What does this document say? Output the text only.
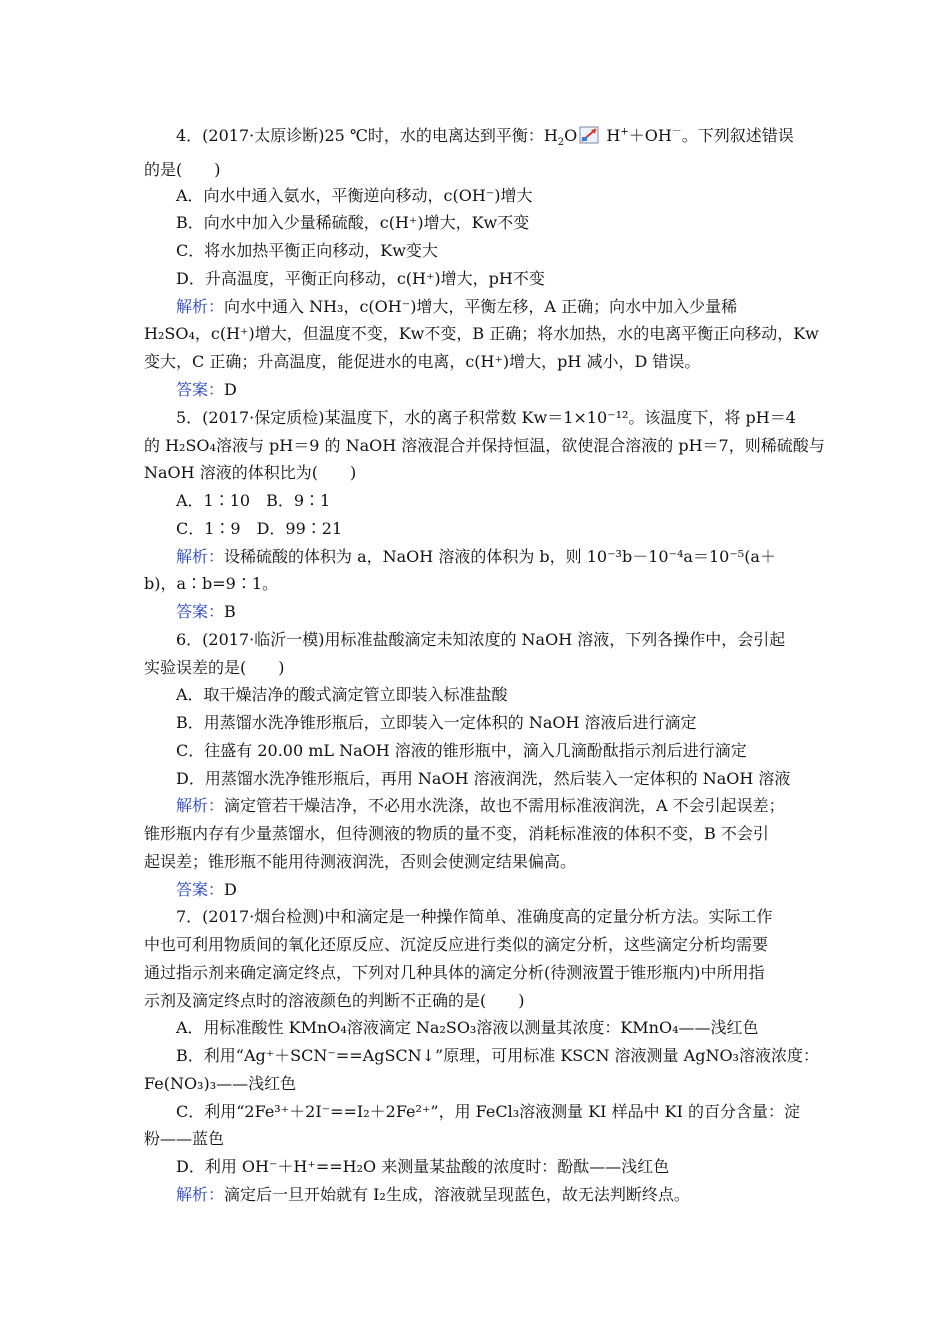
4．(2017·太原诊断)25 ℃时，水的电离达到平衡：$H_2O$ H+＋OH－。下列叙述错误
的是(　　)
A．向水中通入氨水，平衡逆向移动，c(OH⁻)增大
B．向水中加入少量稀硫酸，c(H⁺)增大，Kw不变
C．将水加热平衡正向移动，Kw变大
D．升高温度，平衡正向移动，c(H⁺)增大，pH不变
解析：向水中通入 NH₃，c(OH⁻)增大，平衡左移，A 正确；向水中加入少量稀
H₂SO₄，c(H⁺)增大，但温度不变，Kw不变，B 正确；将水加热，水的电离平衡正向移动，Kw
变大，C 正确；升高温度，能促进水的电离，c(H⁺)增大，pH 减小，D 错误。
答案：D
5．(2017·保定质检)某温度下，水的离子积常数 Kw＝1×10⁻¹²。该温度下，将 pH＝4
的 H₂SO₄溶液与 pH＝9 的 NaOH 溶液混合并保持恒温，欲使混合溶液的 pH＝7，则稀硫酸与
NaOH 溶液的体积比为(　　)
A．1∶10　B．9∶1
C．1∶9　D．99∶21
解析：设稀硫酸的体积为 a，NaOH 溶液的体积为 b，则 10⁻³b－10⁻⁴a＝10⁻⁵(a＋
b)，a∶b=9∶1。
答案：B
6．(2017·临沂一模)用标准盐酸滴定未知浓度的 NaOH 溶液，下列各操作中，会引起
实验误差的是(　　)
A．取干燥洁净的酸式滴定管立即装入标准盐酸
B．用蒸馏水洗净锥形瓶后，立即装入一定体积的 NaOH 溶液后进行滴定
C．往盛有 20.00 mL NaOH 溶液的锥形瓶中，滴入几滴酚酞指示剂后进行滴定
D．用蒸馏水洗净锥形瓶后，再用 NaOH 溶液润洗，然后装入一定体积的 NaOH 溶液
解析：滴定管若干燥洁净，不必用水洗涤，故也不需用标准液润洗，A 不会引起误差；
锥形瓶内存有少量蒸馏水，但待测液的物质的量不变，消耗标准液的体积不变，B 不会引
起误差；锥形瓶不能用待测液润洗，否则会使测定结果偏高。
答案：D
7．(2017·烟台检测)中和滴定是一种操作简单、准确度高的定量分析方法。实际工作
中也可利用物质间的氧化还原反应、沉淀反应进行类似的滴定分析，这些滴定分析均需要
通过指示剂来确定滴定终点，下列对几种具体的滴定分析(待测液置于锥形瓶内)中所用指
示剂及滴定终点时的溶液颜色的判断不正确的是(　　)
A．用标准酸性 KMnO₄溶液滴定 Na₂SO₃溶液以测量其浓度：KMnO₄——浅红色
B．利用“Ag⁺＋SCN⁻==AgSCN↓”原理，可用标准 KSCN 溶液测量 AgNO₃溶液浓度：
Fe(NO₃)₃——浅红色
C．利用“2Fe³⁺＋2I⁻==I₂＋2Fe²⁺”，用 FeCl₃溶液测量 KI 样品中 KI 的百分含量：淀
粉——蓝色
D．利用 OH⁻＋H⁺==H₂O 来测量某盐酸的浓度时：酚酞——浅红色
解析：滴定后一旦开始就有 I₂生成，溶液就呈现蓝色，故无法判断终点。
